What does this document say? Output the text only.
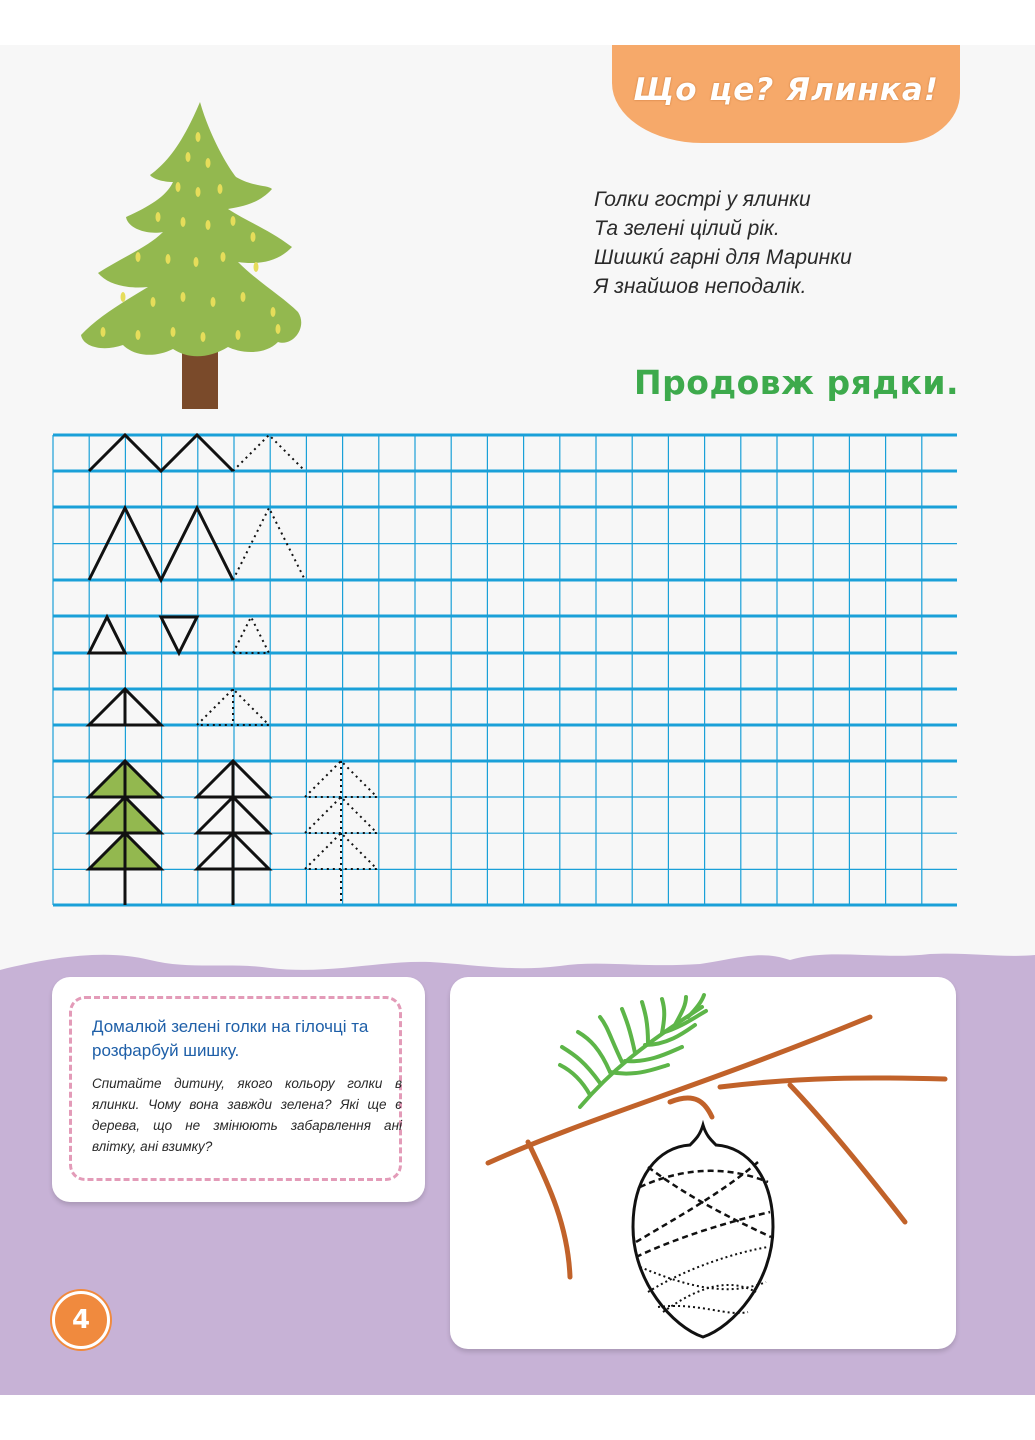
Що це? Ялинка!
Голки гострі у ялинки
Та зелені цілий рік.
Шишкú гарні для Маринки
Я знайшов неподалік.
Продовж рядки.

Домалюй зелені голки на гілочці та розфарбуй шишку.

Спитайте дитину, якого кольору голки в ялинки. Чому вона завжди зелена? Які ще є дерева, що не змінюють забарвлення ані влітку, ані взимку?

4
